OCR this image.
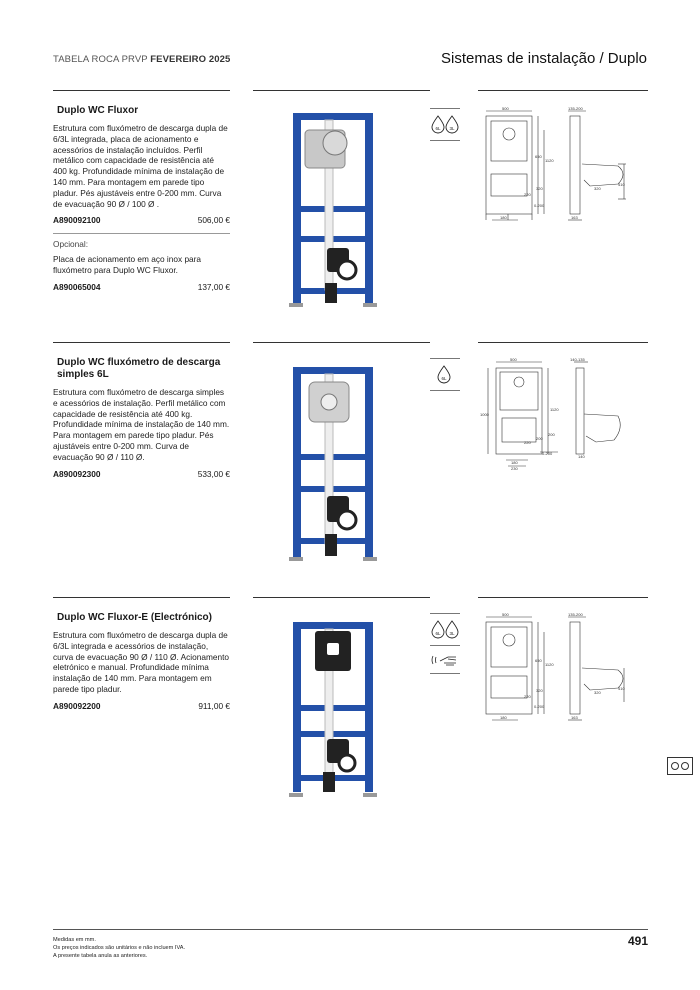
TABELA ROCA PRVP FEVEREIRO 2025	Sistemas de instalação / Duplo
Duplo WC Fluxor
Estrutura com fluxómetro de descarga dupla de 6/3L integrada, placa de acionamento e acessórios de instalação incluídos. Perfil metálico com capacidade de resistência até 400 kg. Profundidade mínima de instalação de 140 mm. Para montagem em parede tipo pladur. Pés ajustáveis entre 0-200 mm. Curva de evacuação 90 Ø / 100 Ø .
A890092100	506,00 €
Opcional:
Placa de acionamento em aço inox para fluxómetro para Duplo WC Fluxor.
A890065004	137,00 €
Duplo WC fluxómetro de descarga simples 6L
Estrutura com fluxómetro de descarga simples e acessórios de instalação. Perfil metálico com capacidade de resistência até 400 kg. Profundidade mínima de instalação de 140 mm. Para montagem em parede tipo pladur. Pés ajustáveis entre 0-200 mm. Curva de evacuação 90 Ø / 110 Ø.
A890092300	533,00 €
Duplo WC Fluxor-E (Electrónico)
Estrutura com fluxómetro de descarga dupla de 6/3L integrada e acessórios de instalação, curva de evacuação 90 Ø / 110 Ø. Acionamento eletrónico e manual. Profundidade mínima instalação de 140 mm. Para montagem em parede tipo pladur.
A890092200	911,00 €
6L 3L
6L
6L 3L
500	135-200
650
1120
220
320	320
410
180
0-200
163
500	140-135
1120
1000
220
200
0-200
180
230
200
140
500	135-200
650
1120
220
320	320
410
180
0-200
163
Medidas em mm.
Os preços indicados são unitários e não incluem IVA.
A presente tabela anula as anteriores.
491
